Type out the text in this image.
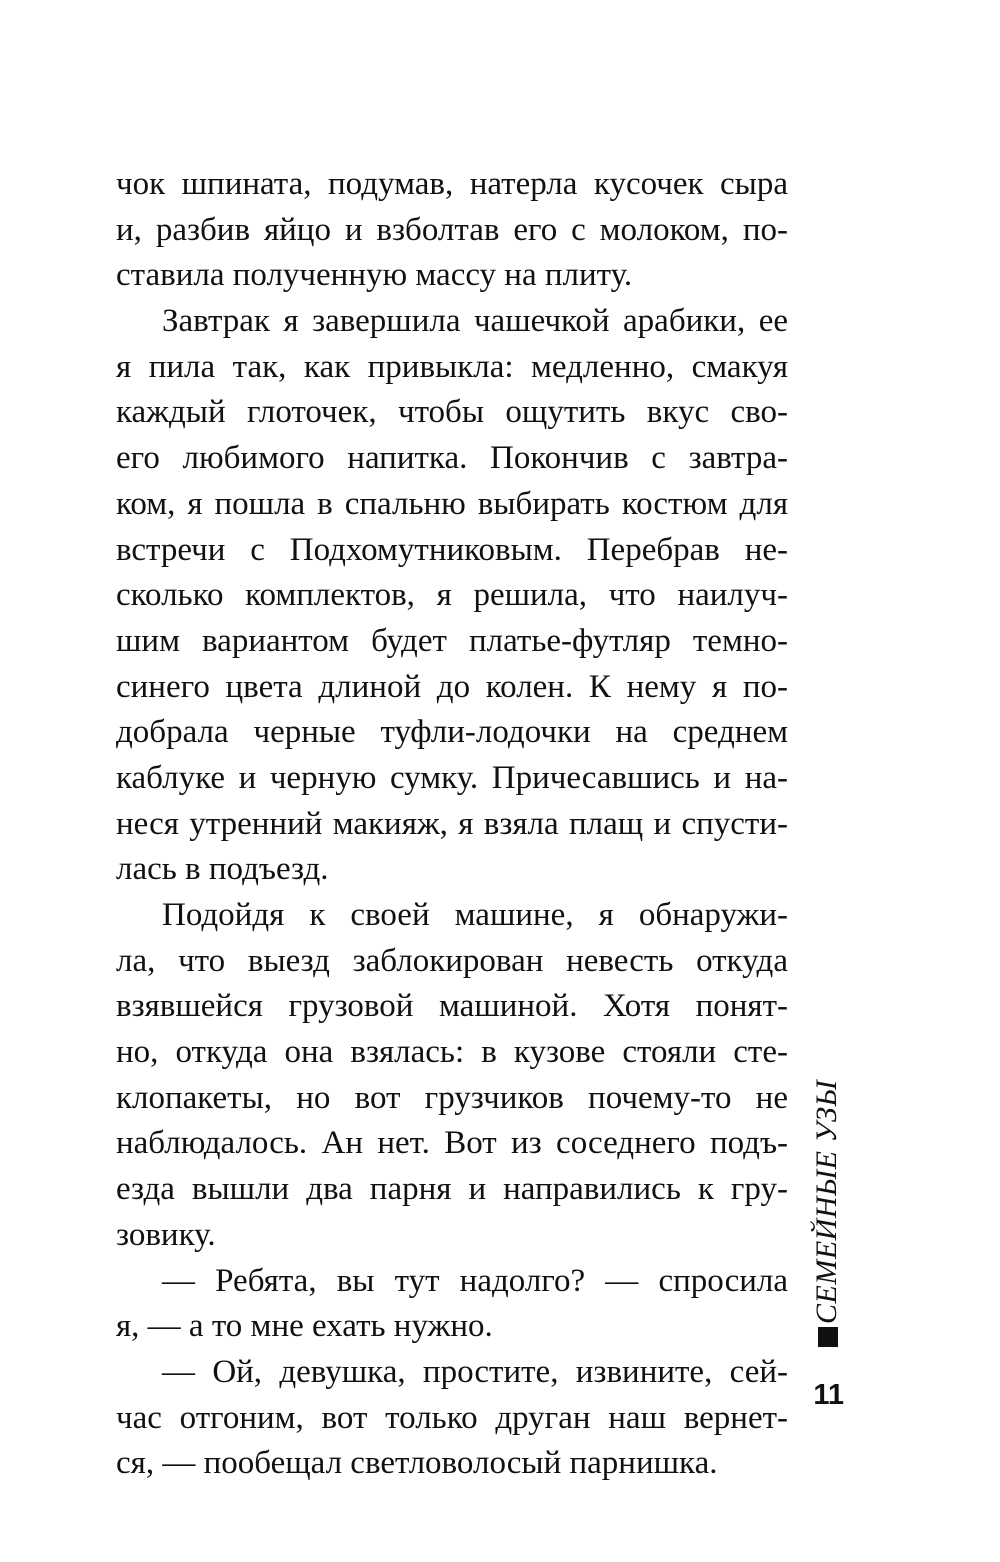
чок шпината, подумав, натерла кусочек сыра
и, разбив яйцо и взболтав его с молоком, по-
ставила полученную массу на плиту.
Завтрак я завершила чашечкой арабики, ее
я пила так, как привыкла: медленно, смакуя
каждый глоточек, чтобы ощутить вкус сво-
его любимого напитка. Покончив с завтра-
ком, я пошла в спальню выбирать костюм для
встречи с Подхомутниковым. Перебрав не-
сколько комплектов, я решила, что наилуч-
шим вариантом будет платье-футляр темно-
синего цвета длиной до колен. К нему я по-
добрала черные туфли-лодочки на среднем
каблуке и черную сумку. Причесавшись и на-
неся утренний макияж, я взяла плащ и спусти-
лась в подъезд.
Подойдя к своей машине, я обнаружи-
ла, что выезд заблокирован невесть откуда
взявшейся грузовой машиной. Хотя понят-
но, откуда она взялась: в кузове стояли сте-
клопакеты, но вот грузчиков почему-то не
наблюдалось. Ан нет. Вот из соседнего подъ-
езда вышли два парня и направились к гру-
зовику.
— Ребята, вы тут надолго? — спросила
я, — а то мне ехать нужно.
— Ой, девушка, простите, извините, сей-
час отгоним, вот только друган наш вернет-
ся, — пообещал светловолосый парнишка.
СЕМЕЙНЫЕ УЗЫ
11
